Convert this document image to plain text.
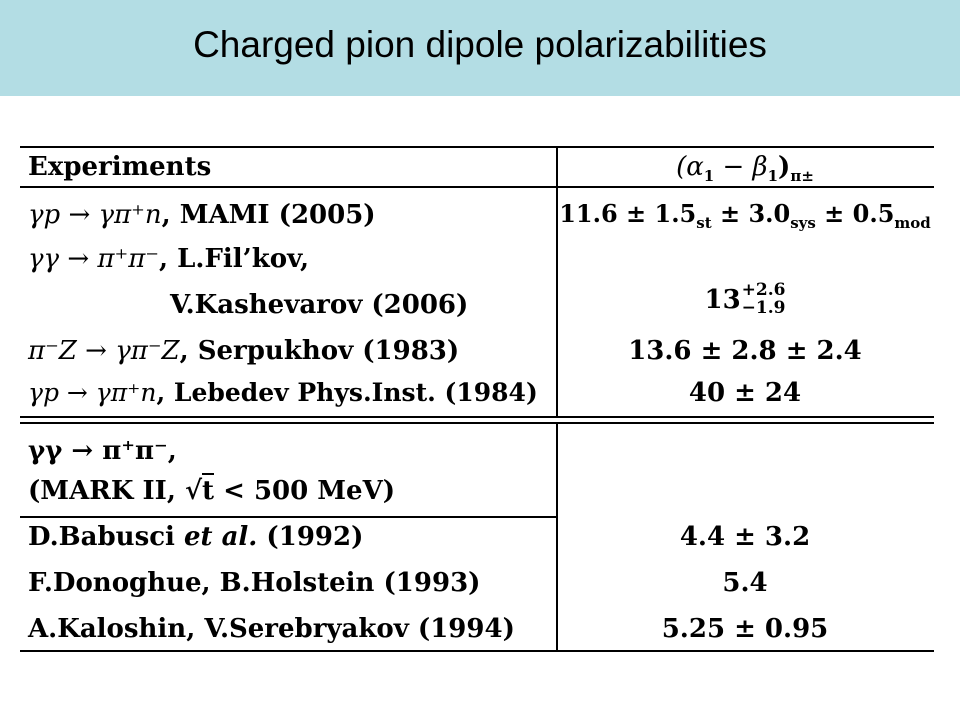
Charged pion dipole polarizabilities
Experiments	$(\alpha_1 - \beta_1)_{\pi\pm}$
γp → γπ⁺n, MAMI (2005)	$11.6 \pm 1.5_{st} \pm 3.0_{sys} \pm 0.5_{mod}$
γγ → π⁺π⁻, L.Fil’kov,
V.Kashevarov (2006)	13 +2.6
−1.9
π⁻Z → γπ⁻Z, Serpukhov (1983)	13.6 ± 2.8 ± 2.4
γp → γπ⁺n, Lebedev Phys.Inst. (1984)	40 ± 24
γγ → π⁺π⁻,
(MARK II, √t < 500 MeV)
D.Babusci et al. (1992)	4.4 ± 3.2
F.Donoghue, B.Holstein (1993)	5.4
A.Kaloshin, V.Serebryakov (1994)	5.25 ± 0.95
